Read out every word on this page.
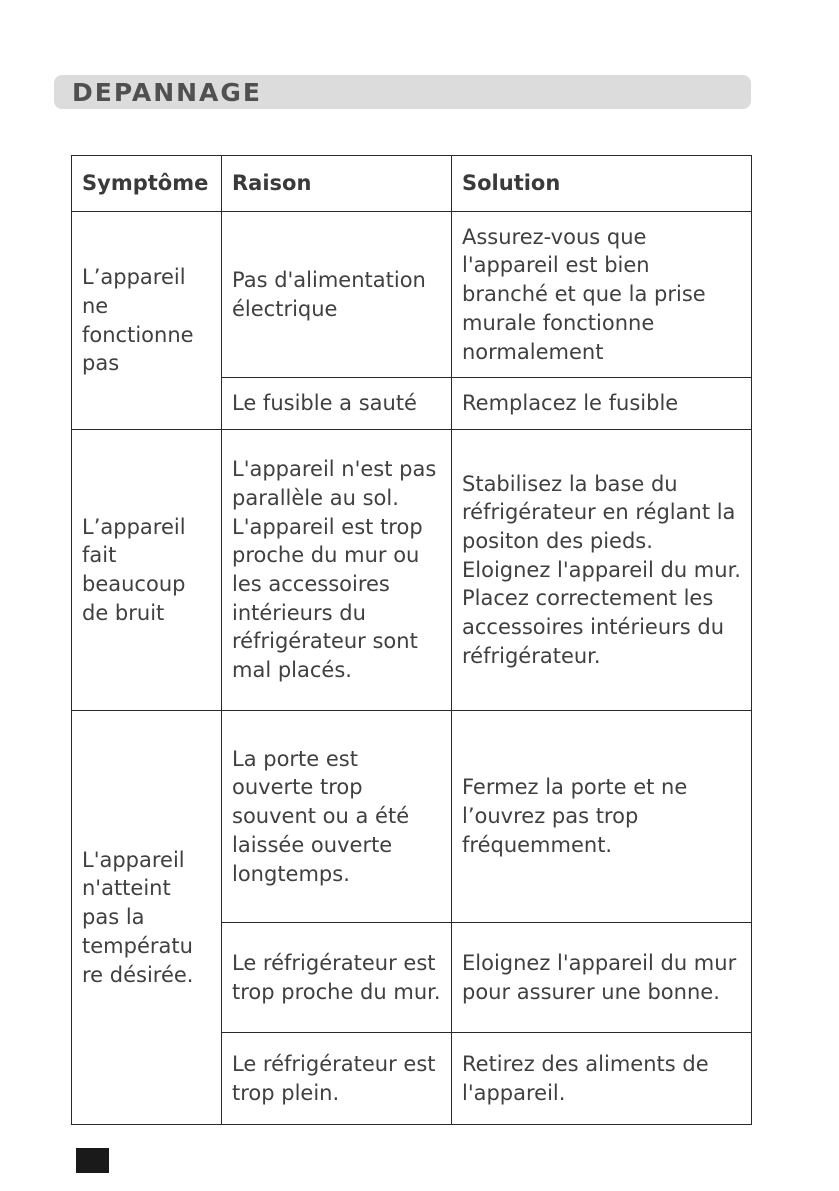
DEPANNAGE
Symptôme	Raison	Solution
L’appareil ne fonctionne pas	Pas d'alimentation électrique	Assurez-vous que l'appareil est bien branché et que la prise murale fonctionne normalement
	Le fusible a sauté	Remplacez le fusible
L’appareil fait beaucoup de bruit	L'appareil n'est pas parallèle au sol. L'appareil est trop proche du mur ou les accessoires intérieurs du réfrigérateur sont mal placés.	Stabilisez la base du réfrigérateur en réglant la positon des pieds. Eloignez l'appareil du mur. Placez correctement les accessoires intérieurs du réfrigérateur.
L'appareil n'atteint pas la températu re désirée.	La porte est ouverte trop souvent ou a été laissée ouverte longtemps.	Fermez la porte et ne l’ouvrez pas trop fréquemment.
	Le réfrigérateur est trop proche du mur.	Eloignez l'appareil du mur pour assurer une bonne.
	Le réfrigérateur est trop plein.	Retirez des aliments de l'appareil.
